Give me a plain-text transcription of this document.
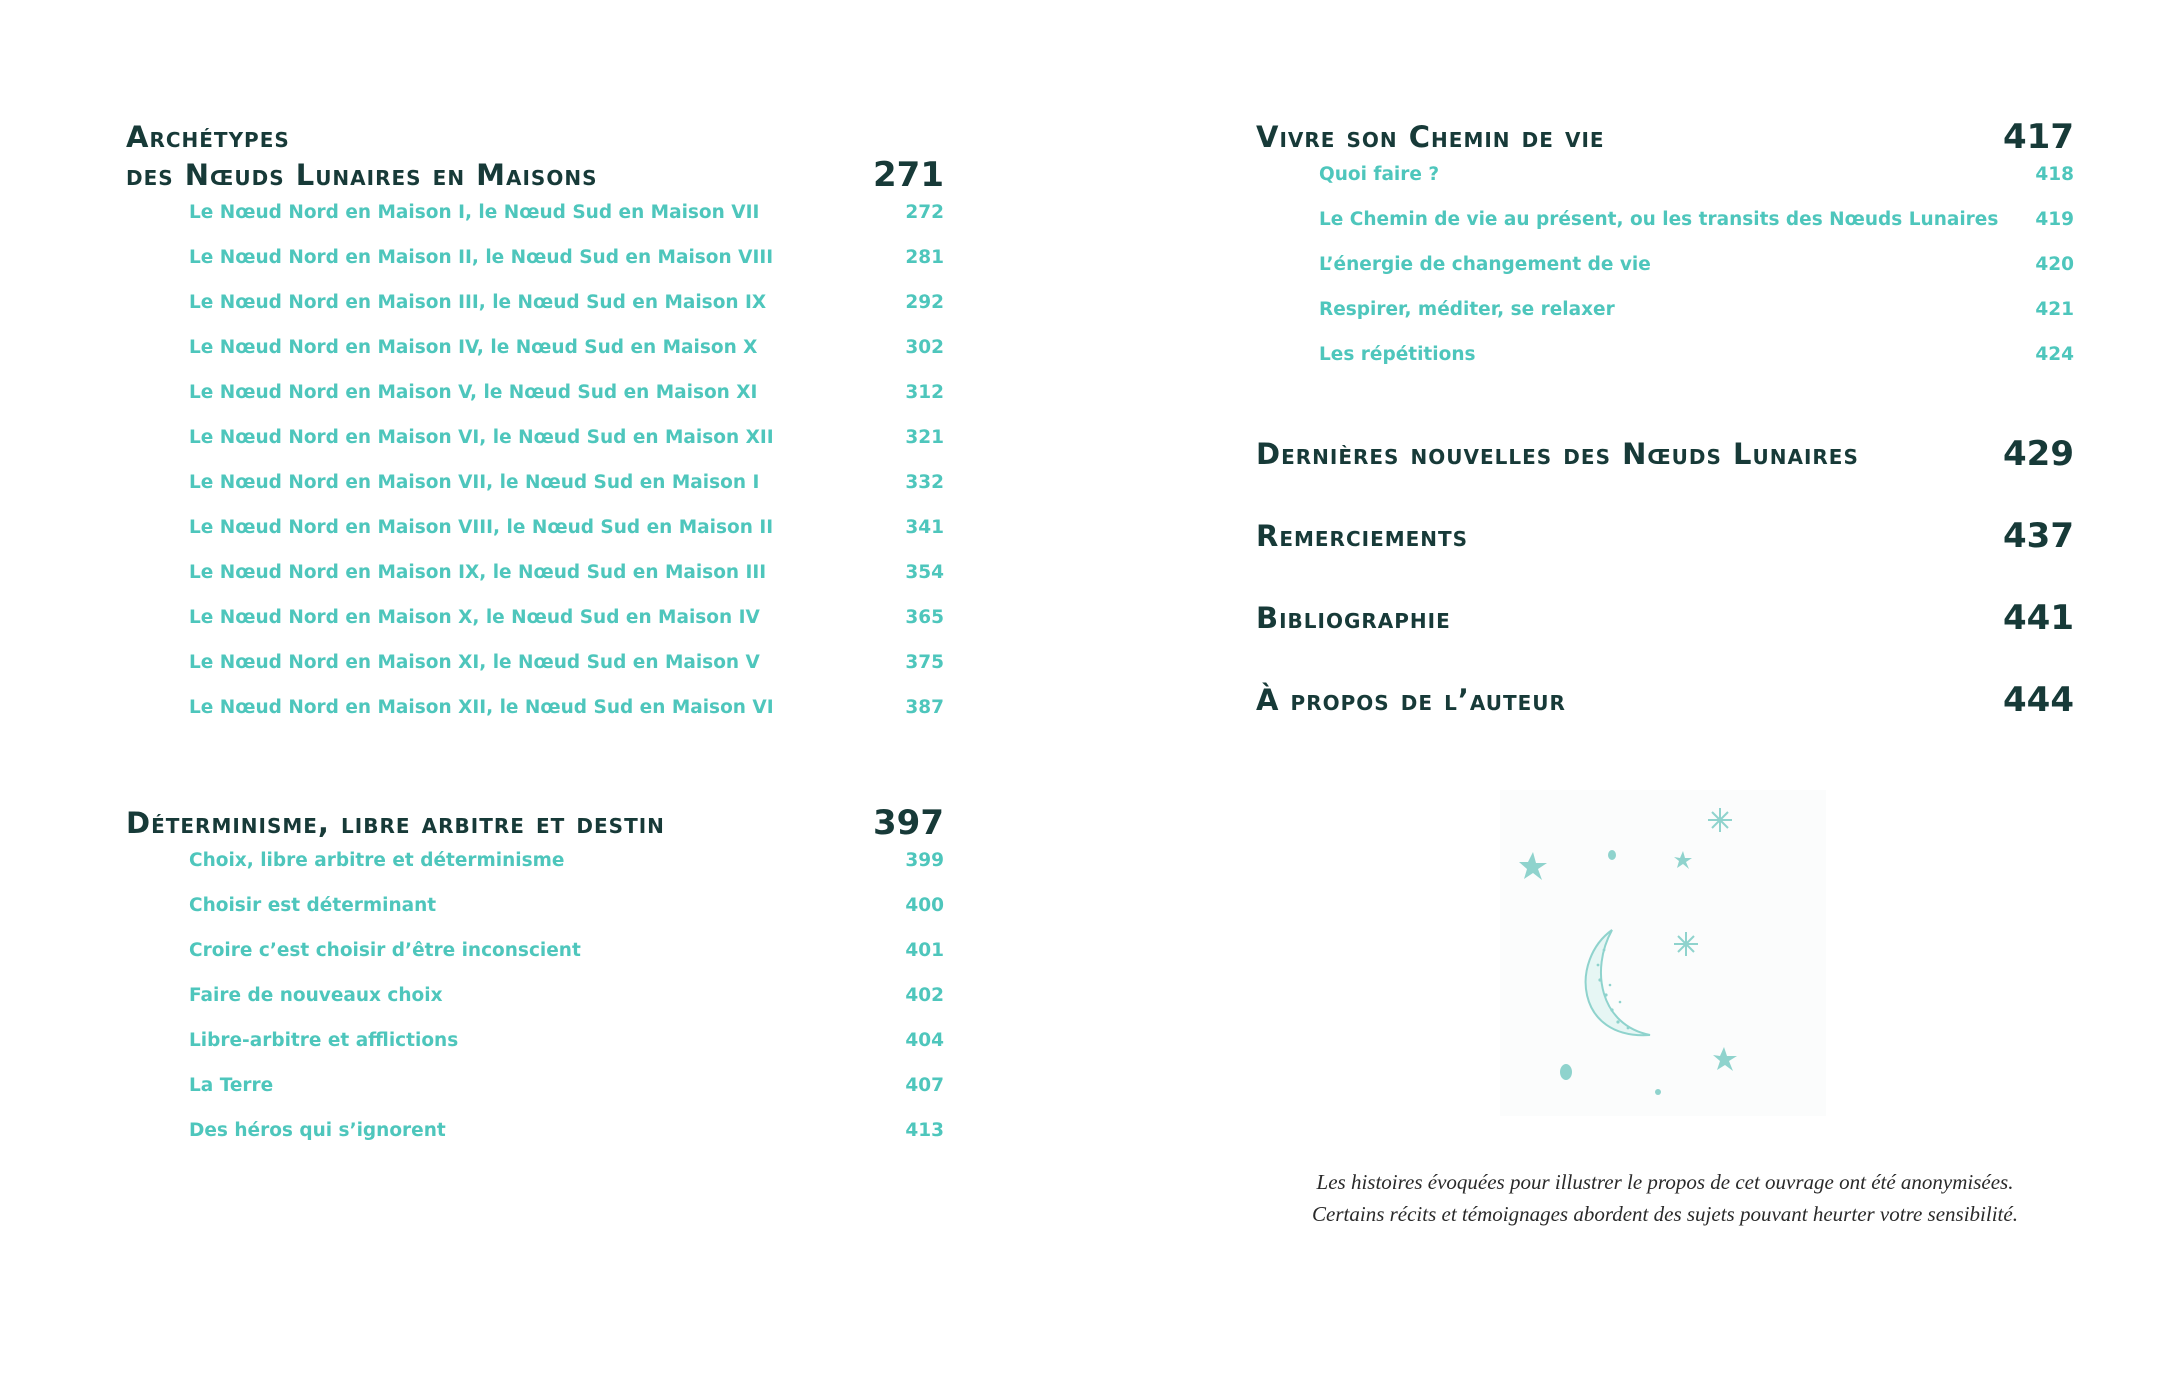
Archétypes
des Nœuds Lunaires en Maisons	271
Le Nœud Nord en Maison I, le Nœud Sud en Maison VII	272
Le Nœud Nord en Maison II, le Nœud Sud en Maison VIII	281
Le Nœud Nord en Maison III, le Nœud Sud en Maison IX	292
Le Nœud Nord en Maison IV, le Nœud Sud en Maison X	302
Le Nœud Nord en Maison V, le Nœud Sud en Maison XI	312
Le Nœud Nord en Maison VI, le Nœud Sud en Maison XII	321
Le Nœud Nord en Maison VII, le Nœud Sud en Maison I	332
Le Nœud Nord en Maison VIII, le Nœud Sud en Maison II	341
Le Nœud Nord en Maison IX, le Nœud Sud en Maison III	354
Le Nœud Nord en Maison X, le Nœud Sud en Maison IV	365
Le Nœud Nord en Maison XI, le Nœud Sud en Maison V	375
Le Nœud Nord en Maison XII, le Nœud Sud en Maison VI	387
Déterminisme, libre arbitre et destin	397
Choix, libre arbitre et déterminisme	399
Choisir est déterminant	400
Croire c’est choisir d’être inconscient	401
Faire de nouveaux choix	402
Libre-arbitre et afflictions	404
La Terre	407
Des héros qui s’ignorent	413
Vivre son Chemin de vie	417
Quoi faire ?	418
Le Chemin de vie au présent, ou les transits des Nœuds Lunaires 419
L’énergie de changement de vie	420
Respirer, méditer, se relaxer	421
Les répétitions	424
Dernières nouvelles des Nœuds Lunaires	429
Remerciements	437
Bibliographie	441
À propos de l’auteur	444
Les histoires évoquées pour illustrer le propos de cet ouvrage ont été anonymisées.
Certains récits et témoignages abordent des sujets pouvant heurter votre sensibilité.
